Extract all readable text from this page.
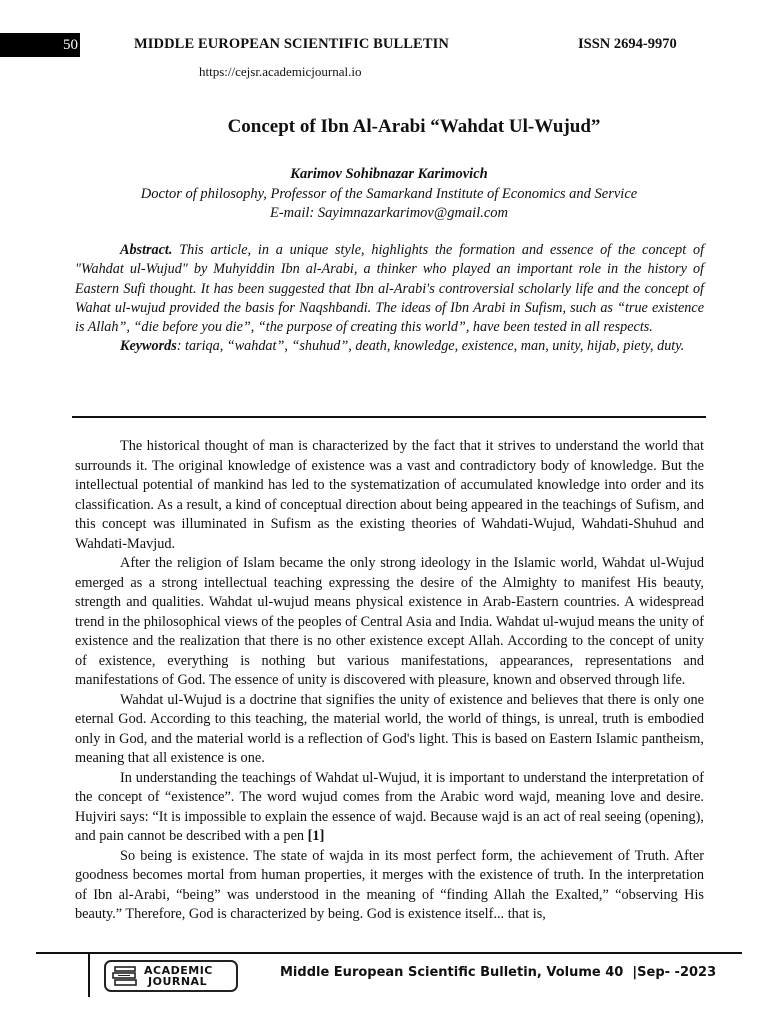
50	MIDDLE EUROPEAN SCIENTIFIC BULLETIN	ISSN 2694-9970
https://cejsr.academicjournal.io
Concept of Ibn Al-Arabi “Wahdat Ul-Wujud”
Karimov Sohibnazar Karimovich
Doctor of philosophy, Professor of the Samarkand Institute of Economics and Service
E-mail: Sayimnazarkarimov@gmail.com

Abstract. This article, in a unique style, highlights the formation and essence of the concept of "Wahdat ul-Wujud" by Muhyiddin Ibn al-Arabi, a thinker who played an important role in the history of Eastern Sufi thought. It has been suggested that Ibn al-Arabi's controversial scholarly life and the concept of Wahat ul-wujud provided the basis for Naqshbandi. The ideas of Ibn Arabi in Sufism, such as “true existence is Allah”, “die before you die”, “the purpose of creating this world”, have been tested in all respects.

Keywords: tariqa, “wahdat”, “shuhud”, death, knowledge, existence, man, unity, hijab, piety, duty.

The historical thought of man is characterized by the fact that it strives to understand the world that surrounds it. The original knowledge of existence was a vast and contradictory body of knowledge. But the intellectual potential of mankind has led to the systematization of accumulated knowledge into order and its classification. As a result, a kind of conceptual direction about being appeared in the teachings of Sufism, and this concept was illuminated in Sufism as the existing theories of Wahdati-Wujud, Wahdati-Shuhud and Wahdati-Mavjud.

After the religion of Islam became the only strong ideology in the Islamic world, Wahdat ul-Wujud emerged as a strong intellectual teaching expressing the desire of the Almighty to manifest His beauty, strength and qualities. Wahdat ul-wujud means physical existence in Arab-Eastern countries. A widespread trend in the philosophical views of the peoples of Central Asia and India. Wahdat ul-wujud means the unity of existence and the realization that there is no other existence except Allah. According to the concept of unity of existence, everything is nothing but various manifestations, appearances, representations and manifestations of God. The essence of unity is discovered with pleasure, known and observed through life.

Wahdat ul-Wujud is a doctrine that signifies the unity of existence and believes that there is only one eternal God. According to this teaching, the material world, the world of things, is unreal, truth is embodied only in God, and the material world is a reflection of God's light. This is based on Eastern Islamic pantheism, meaning that all existence is one.

In understanding the teachings of Wahdat ul-Wujud, it is important to understand the interpretation of the concept of “existence”. The word wujud comes from the Arabic word wajd, meaning love and desire. Hujviri says: “It is impossible to explain the essence of wajd. Because wajd is an act of real seeing (opening), and pain cannot be described with a pen [1]

So being is existence. The state of wajda in its most perfect form, the achievement of Truth. After goodness becomes mortal from human properties, it merges with the existence of truth. In the interpretation of Ibn al-Arabi, “being” was understood in the meaning of “finding Allah the Exalted,” “observing His beauty.” Therefore, God is characterized by being. God is existence itself... that is,

ACADEMIC
JOURNAL
Middle European Scientific Bulletin, Volume 40  |Sep- -2023
